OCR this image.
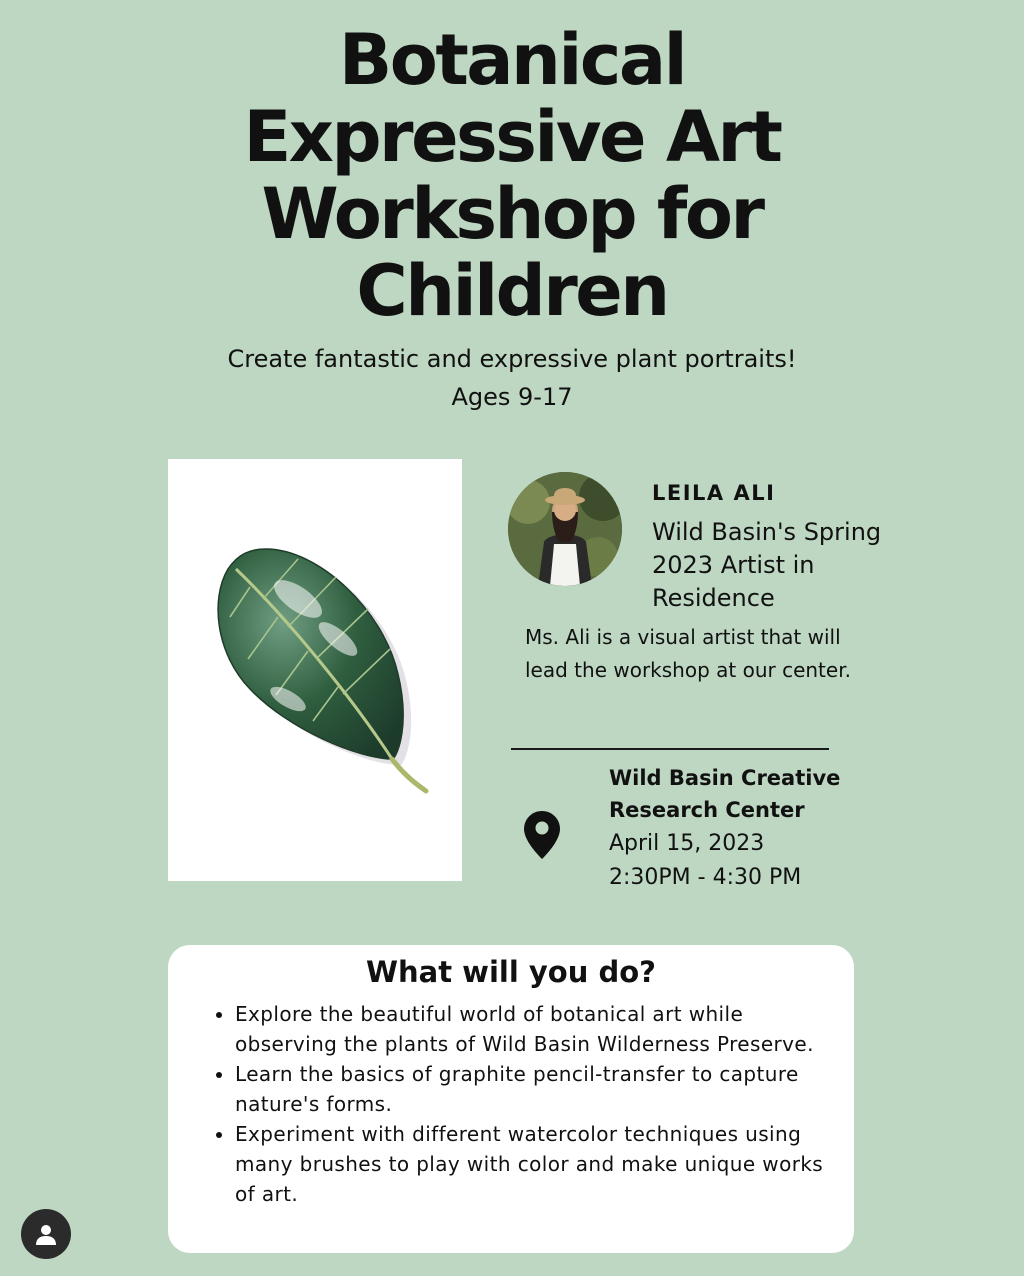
Botanical
Expressive Art
Workshop for
Children
Create fantastic and expressive plant portraits!
Ages 9-17
LEILA ALI
Wild Basin's Spring 2023 Artist in Residence
Ms. Ali is a visual artist that will lead the workshop at our center.
Wild Basin Creative Research Center
April 15, 2023
2:30PM - 4:30 PM
What will you do?
• Explore the beautiful world of botanical art while observing the plants of Wild Basin Wilderness Preserve.
• Learn the basics of graphite pencil-transfer to capture nature's forms.
• Experiment with different watercolor techniques using many brushes to play with color and make unique works of art.
